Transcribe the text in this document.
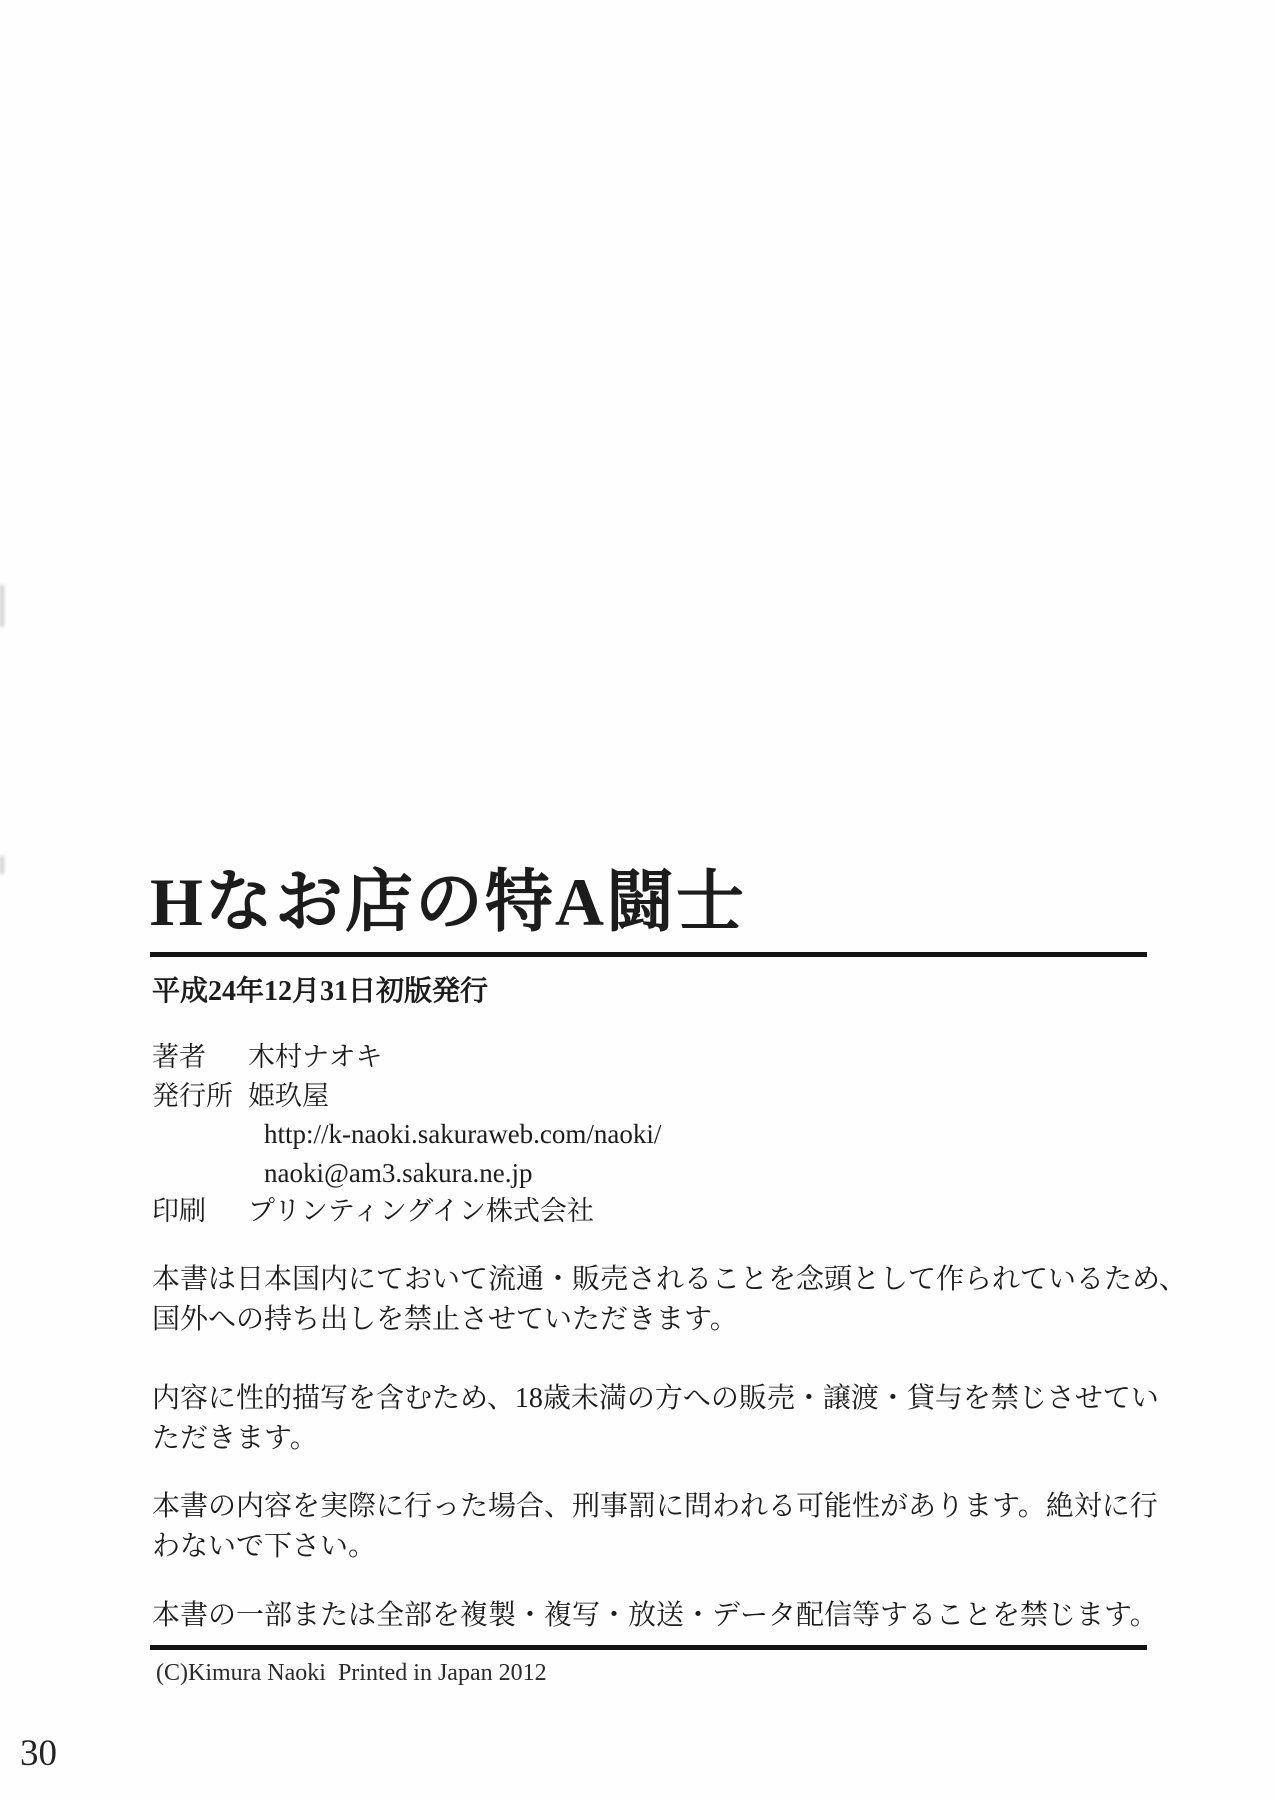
Hなお店の特A闘士
平成24年12月31日初版発行
著者 木村ナオキ
発行所 姫玖屋
http://k-naoki.sakuraweb.com/naoki/
naoki@am3.sakura.ne.jp
印刷 プリンティングイン株式会社
本書は日本国内にておいて流通・販売されることを念頭として作られているため、
国外への持ち出しを禁止させていただきます。
内容に性的描写を含むため、18歳未満の方への販売・譲渡・貸与を禁じさせてい
ただきます。
本書の内容を実際に行った場合、刑事罰に問われる可能性があります。絶対に行
わないで下さい。
本書の一部または全部を複製・複写・放送・データ配信等することを禁じます。
(C)Kimura Naoki  Printed in Japan 2012
30
